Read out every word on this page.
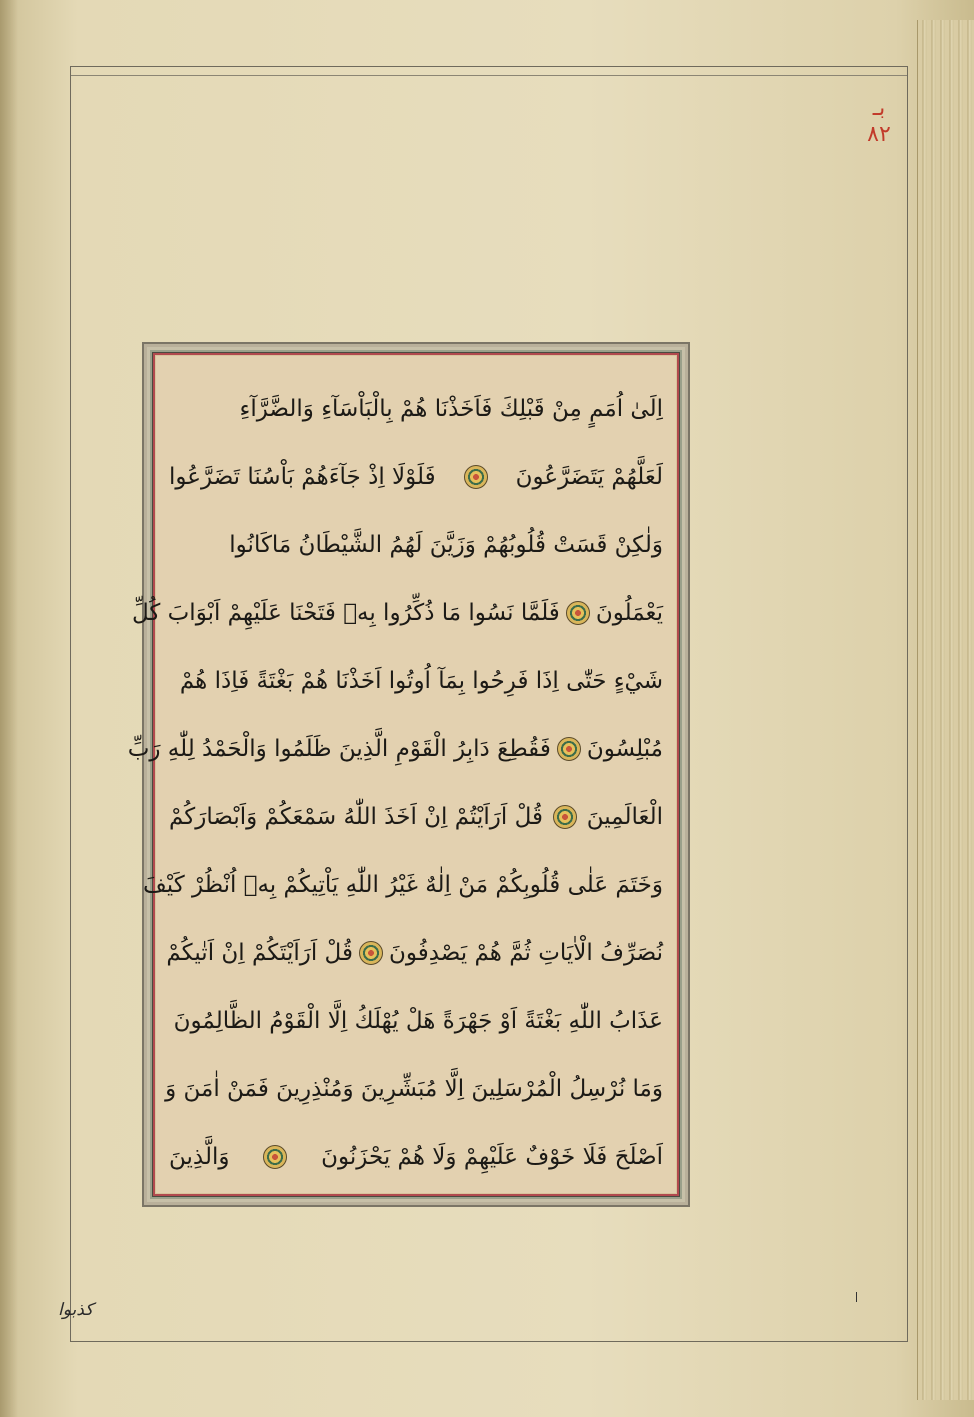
بـ
٨٢
اِلَیٰ اُمَمٍ مِنْ قَبْلِكَ فَاَخَذْنَا هُمْ بِالْبَاْسَآءِ وَالضَّرَّآءِ
لَعَلَّهُمْ يَتَضَرَّعُونَ
فَلَوْلَا اِذْ جَآءَهُمْ بَاْسُنَا تَضَرَّعُوا
وَلٰكِنْ قَسَتْ قُلُوبُهُمْ وَزَيَّنَ لَهُمُ الشَّيْطَانُ مَاكَانُوا
يَعْمَلُونَ
فَلَمَّا نَسُوا مَا ذُكِّرُوا بِهٖ فَتَحْنَا عَلَيْهِمْ اَبْوَابَ كُلِّ
شَيْءٍ حَتّٰی اِذَا فَرِحُوا بِمَآ اُوتُوا اَخَذْنَا هُمْ بَغْتَةً فَاِذَا هُمْ
مُبْلِسُونَ
فَقُطِعَ دَابِرُ الْقَوْمِ الَّذِينَ ظَلَمُوا وَالْحَمْدُ لِلّٰهِ رَبِّ
الْعَالَمِينَ
قُلْ اَرَاَيْتُمْ اِنْ اَخَذَ اللّٰهُ سَمْعَكُمْ وَاَبْصَارَكُمْ
وَخَتَمَ عَلٰی قُلُوبِكُمْ مَنْ اِلٰهٌ غَيْرُ اللّٰهِ يَاْتِيكُمْ بِهٖ اُنْظُرْ كَيْفَ
نُصَرِّفُ الْاٰيَاتِ ثُمَّ هُمْ يَصْدِفُونَ
قُلْ اَرَاَيْتَكُمْ اِنْ اَتٰيكُمْ
عَذَابُ اللّٰهِ بَغْتَةً اَوْ جَهْرَةً هَلْ يُهْلَكُ اِلَّا الْقَوْمُ الظَّالِمُونَ
وَمَا نُرْسِلُ الْمُرْسَلِينَ اِلَّا مُبَشِّرِينَ وَمُنْذِرِينَ فَمَنْ اٰمَنَ وَ
اَصْلَحَ فَلَا خَوْفٌ عَلَيْهِمْ وَلَا هُمْ يَحْزَنُونَ
وَالَّذِينَ
كذبوا
